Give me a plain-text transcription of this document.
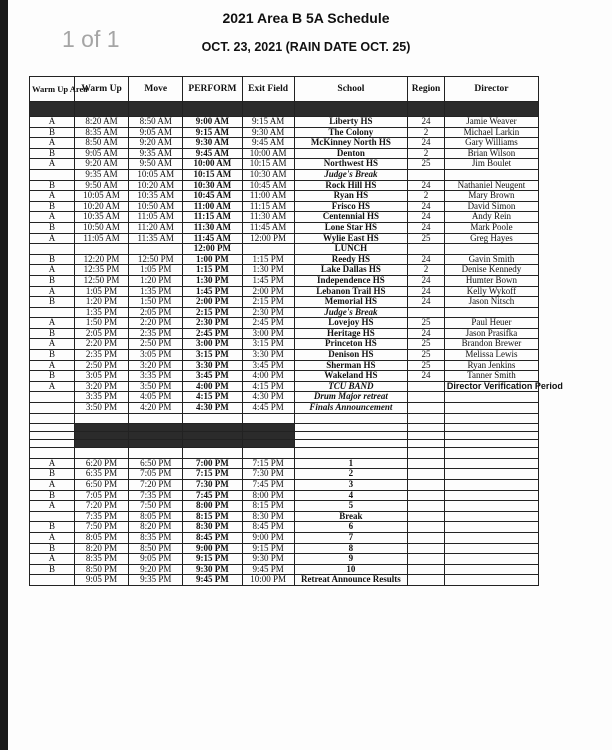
1 of 1
2021 Area B 5A Schedule
OCT. 23, 2021 (RAIN DATE OCT. 25)
Warm Up Area	Warm Up	Move	PERFORM	Exit Field	School	Region	Director

A	8:20 AM	8:50 AM	9:00 AM	9:15 AM	Liberty HS	24	Jamie Weaver
B	8:35 AM	9:05 AM	9:15 AM	9:30 AM	The Colony	2	Michael Larkin
A	8:50 AM	9:20 AM	9:30 AM	9:45 AM	McKinney North HS	24	Gary Williams
B	9:05 AM	9:35 AM	9:45 AM	10:00 AM	Denton	2	Brian Wilson
A	9:20 AM	9:50 AM	10:00 AM	10:15 AM	Northwest HS	25	Jim Boulet
	9:35 AM	10:05 AM	10:15 AM	10:30 AM	Judge's Break		
B	9:50 AM	10:20 AM	10:30 AM	10:45 AM	Rock Hill HS	24	Nathaniel Neugent
A	10:05 AM	10:35 AM	10:45 AM	11:00 AM	Ryan HS	2	Mary Brown
B	10:20 AM	10:50 AM	11:00 AM	11:15 AM	Frisco HS	24	David Simon
A	10:35 AM	11:05 AM	11:15 AM	11:30 AM	Centennial HS	24	Andy Rein
B	10:50 AM	11:20 AM	11:30 AM	11:45 AM	Lone Star HS	24	Mark Poole
A	11:05 AM	11:35 AM	11:45 AM	12:00 PM	Wylie East HS	25	Greg Hayes
			12:00 PM		LUNCH		
B	12:20 PM	12:50 PM	1:00 PM	1:15 PM	Reedy HS	24	Gavin Smith
A	12:35 PM	1:05 PM	1:15 PM	1:30 PM	Lake Dallas HS	2	Denise Kennedy
B	12:50 PM	1:20 PM	1:30 PM	1:45 PM	Independence HS	24	Humter Bown
A	1:05 PM	1:35 PM	1:45 PM	2:00 PM	Lebanon Trail HS	24	Kelly Wykoff
B	1:20 PM	1:50 PM	2:00 PM	2:15 PM	Memorial HS	24	Jason Nitsch
	1:35 PM	2:05 PM	2:15 PM	2:30 PM	Judge's Break		
A	1:50 PM	2:20 PM	2:30 PM	2:45 PM	Lovejoy HS	25	Paul Heuer
B	2:05 PM	2:35 PM	2:45 PM	3:00 PM	Heritage HS	24	Jason Prasifka
A	2:20 PM	2:50 PM	3:00 PM	3:15 PM	Princeton HS	25	Brandon Brewer
B	2:35 PM	3:05 PM	3:15 PM	3:30 PM	Denison HS	25	Melissa Lewis
A	2:50 PM	3:20 PM	3:30 PM	3:45 PM	Sherman HS	25	Ryan Jenkins
B	3:05 PM	3:35 PM	3:45 PM	4:00 PM	Wakeland HS	24	Tanner Smith
A	3:20 PM	3:50 PM	4:00 PM	4:15 PM	TCU BAND		Director Verification Period
	3:35 PM	4:05 PM	4:15 PM	4:30 PM	Drum Major retreat		
	3:50 PM	4:20 PM	4:30 PM	4:45 PM	Finals Announcement		

A	6:20 PM	6:50 PM	7:00 PM	7:15 PM	1		
B	6:35 PM	7:05 PM	7:15 PM	7:30 PM	2		
A	6:50 PM	7:20 PM	7:30 PM	7:45 PM	3		
B	7:05 PM	7:35 PM	7:45 PM	8:00 PM	4		
A	7:20 PM	7:50 PM	8:00 PM	8:15 PM	5		
	7:35 PM	8:05 PM	8:15 PM	8:30 PM	Break		
B	7:50 PM	8:20 PM	8:30 PM	8:45 PM	6		
A	8:05 PM	8:35 PM	8:45 PM	9:00 PM	7		
B	8:20 PM	8:50 PM	9:00 PM	9:15 PM	8		
A	8:35 PM	9:05 PM	9:15 PM	9:30 PM	9		
B	8:50 PM	9:20 PM	9:30 PM	9:45 PM	10		
	9:05 PM	9:35 PM	9:45 PM	10:00 PM	Retreat Announce Results		
